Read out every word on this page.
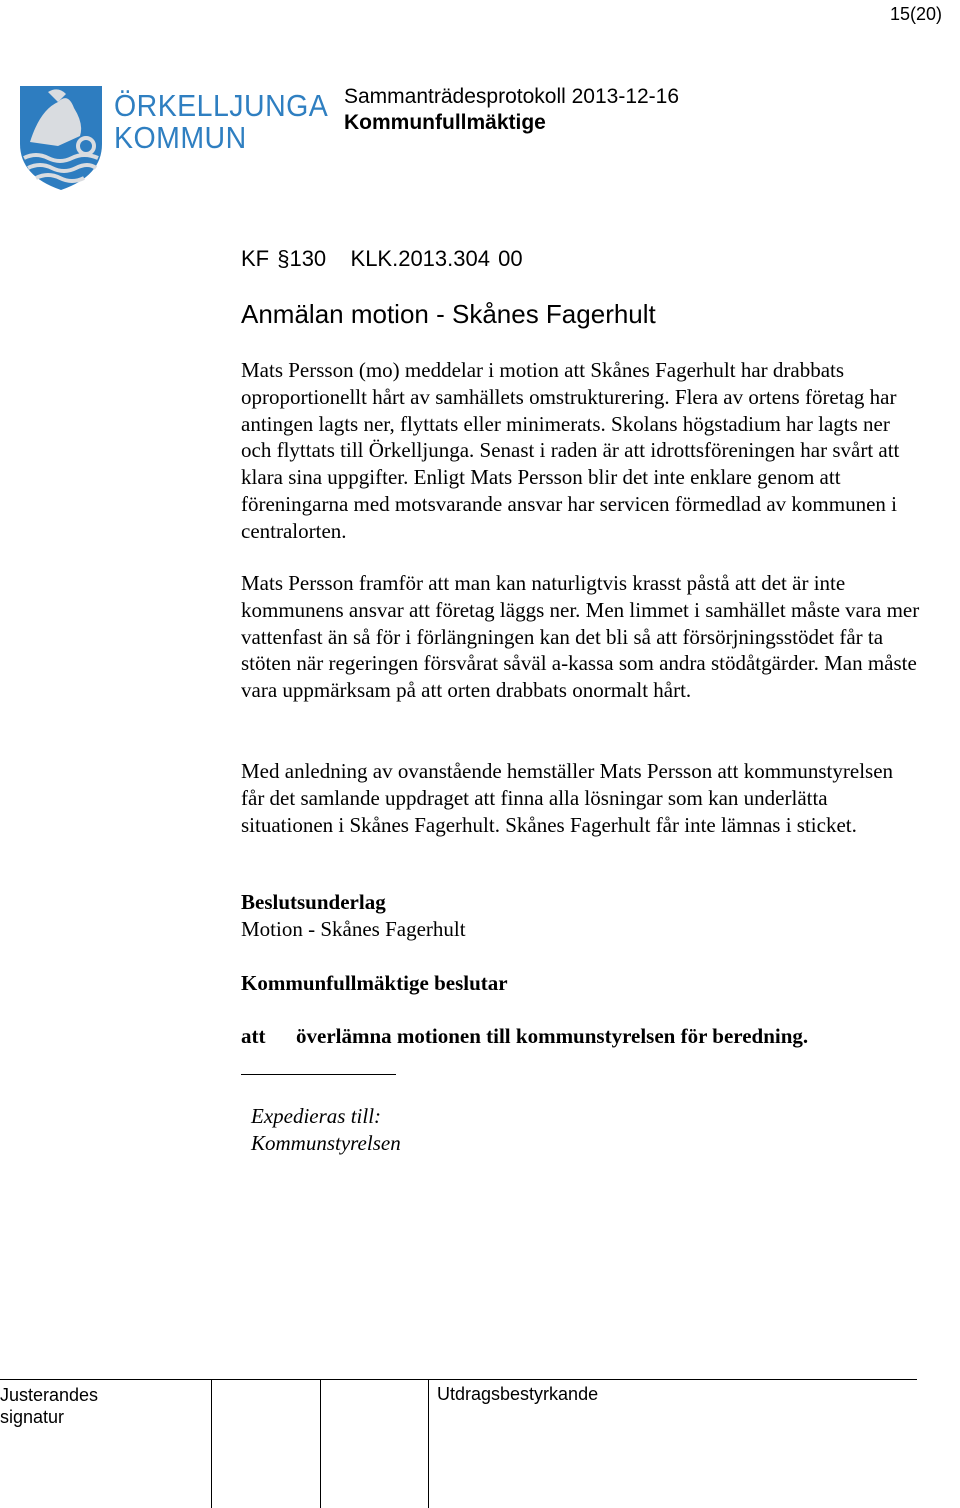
15(20)
ÖRKELLJUNGA
KOMMUN
Sammanträdesprotokoll 2013-12-16
Kommunfullmäktige
KF §130 KLK.2013.304 00
Anmälan motion - Skånes Fagerhult

Mats Persson (mo) meddelar i motion att Skånes Fagerhult har drabbats oproportionellt hårt av samhällets omstrukturering. Flera av ortens företag har antingen lagts ner, flyttats eller minimerats. Skolans högstadium har lagts ner och flyttats till Örkelljunga. Senast i raden är att idrottsföreningen har svårt att klara sina uppgifter. Enligt Mats Persson blir det inte enklare genom att föreningarna med motsvarande ansvar har servicen förmedlad av kommunen i centralorten.

Mats Persson framför att man kan naturligtvis krasst påstå att det är inte kommunens ansvar att företag läggs ner. Men limmet i samhället måste vara mer vattenfast än så för i förlängningen kan det bli så att försörjningsstödet får ta stöten när regeringen försvårat såväl a-kassa som andra stödåtgärder. Man måste vara uppmärksam på att orten drabbats onormalt hårt.

Med anledning av ovanstående hemställer Mats Persson att kommunstyrelsen får det samlande uppdraget att finna alla lösningar som kan underlätta situationen i Skånes Fagerhult. Skånes Fagerhult får inte lämnas i sticket.

Beslutsunderlag
Motion - Skånes Fagerhult
Kommunfullmäktige beslutar
att överlämna motionen till kommunstyrelsen för beredning.
Expedieras till:
Kommunstyrelsen
Justerandes
signatur
Utdragsbestyrkande
